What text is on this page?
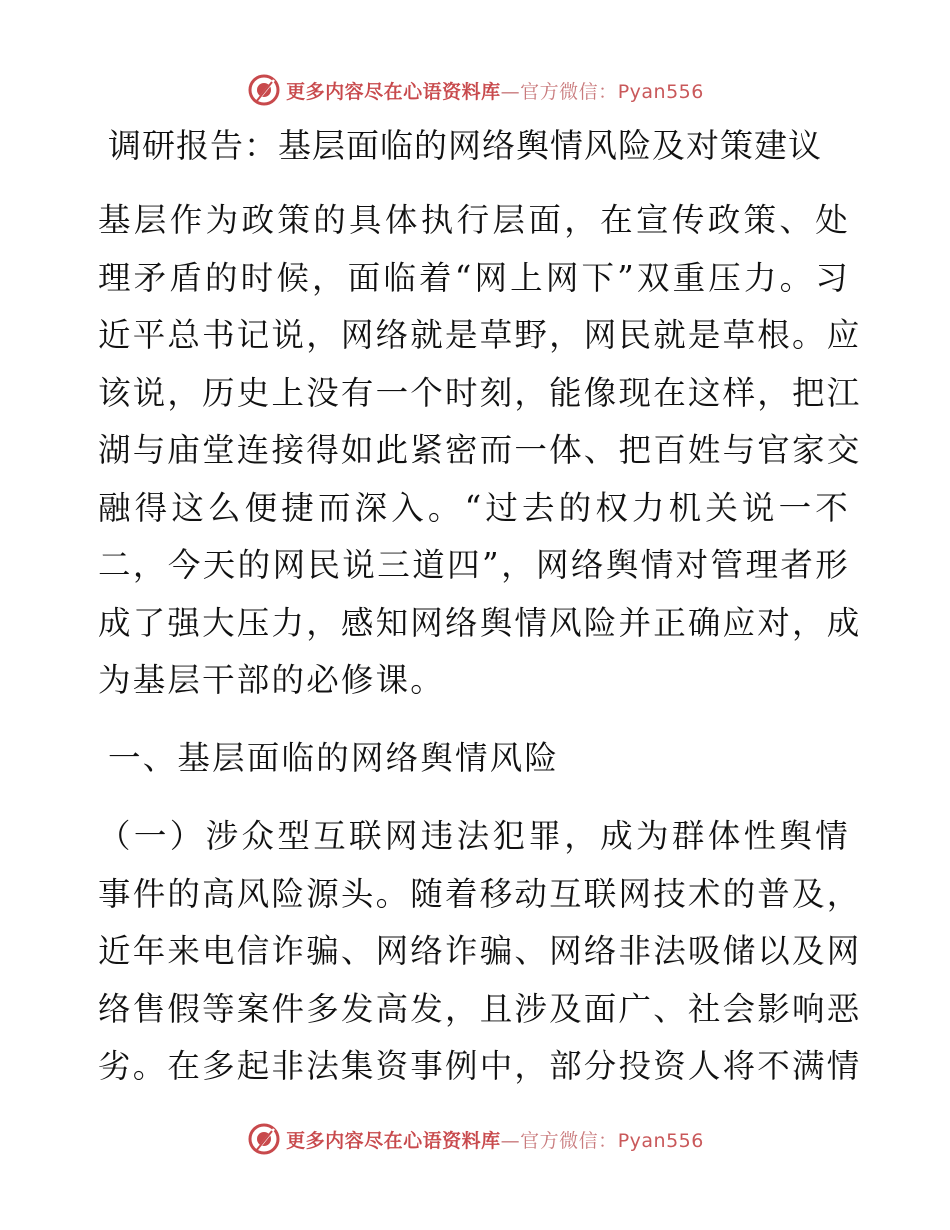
更多内容尽在心语资料库—官方微信：Pyan556
调研报告：基层面临的网络舆情风险及对策建议
基层作为政策的具体执行层面，在宣传政策、处
理矛盾的时候，面临着“网上网下”双重压力。习
近平总书记说，网络就是草野，网民就是草根。应
该说，历史上没有一个时刻，能像现在这样，把江
湖与庙堂连接得如此紧密而一体、把百姓与官家交
融得这么便捷而深入。“过去的权力机关说一不
二，今天的网民说三道四”，网络舆情对管理者形
成了强大压力，感知网络舆情风险并正确应对，成
为基层干部的必修课。
一、基层面临的网络舆情风险
（一）涉众型互联网违法犯罪，成为群体性舆情
事件的高风险源头。随着移动互联网技术的普及，
近年来电信诈骗、网络诈骗、网络非法吸储以及网
络售假等案件多发高发，且涉及面广、社会影响恶
劣。在多起非法集资事例中，部分投资人将不满情
更多内容尽在心语资料库—官方微信：Pyan556
